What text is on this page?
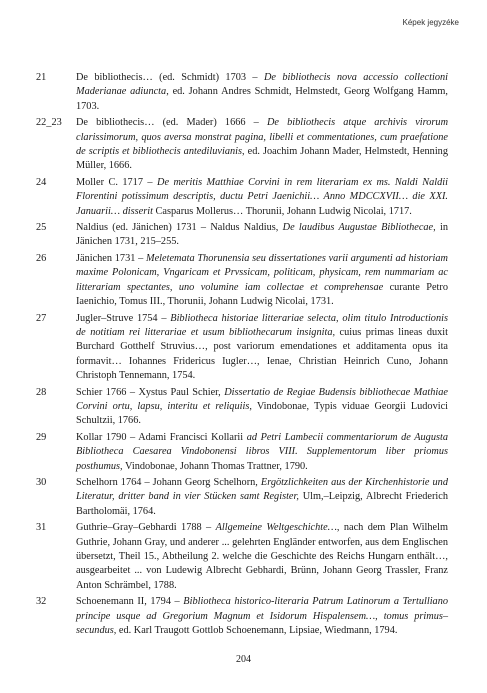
Képek jegyzéke
21	De bibliothecis… (ed. Schmidt) 1703 – De bibliothecis nova accessio collectioni Maderianae adiuncta, ed. Johann Andres Schmidt, Helmstedt, Georg Wolfgang Hamm, 1703.
22_23	De bibliothecis… (ed. Mader) 1666 – De bibliothecis atque archivis virorum clarissimorum, quos aversa monstrat pagina, libelli et commentationes, cum praefatione de scriptis et bibliothecis antediluvianis, ed. Joachim Johann Mader, Helmstedt, Henning Müller, 1666.
24	Moller C. 1717 – De meritis Matthiae Corvini in rem literariam ex ms. Naldi Naldii Florentini potissimum descriptis, ductu Petri Jaenichii… Anno MDCCXVII… die XXI. Januarii… disserit Casparus Mollerus… Thorunii, Johann Ludwig Nicolai, 1717.
25	Naldius (ed. Jänichen) 1731 – Naldus Naldius, De laudibus Augustae Bibliothecae, in Jänichen 1731, 215–255.
26	Jänichen 1731 – Meletemata Thorunensia seu dissertationes varii argumenti ad historiam maxime Polonicam, Vngaricam et Prvssicam, politicam, physicam, rem nummariam ac litterariam spectantes, uno volumine iam collectae et comprehensae curante Petro Iaenichio, Tomus III., Thorunii, Johann Ludwig Nicolai, 1731.
27	Jugler–Struve 1754 – Bibliotheca historiae litterariae selecta, olim titulo Introductionis de notitiam rei litterariae et usum bibliothecarum insignita, cuius primas lineas duxit Burchard Gotthelf Struvius…, post variorum emendationes et additamenta opus ita formavit… Iohannes Fridericus Iugler…, Ienae, Christian Heinrich Cuno, Johann Christoph Tennemann, 1754.
28	Schier 1766 – Xystus Paul Schier, Dissertatio de Regiae Budensis bibliothecae Mathiae Corvini ortu, lapsu, interitu et reliquiis, Vindobonae, Typis viduae Georgii Ludovici Schultzii, 1766.
29	Kollar 1790 – Adami Francisci Kollarii ad Petri Lambecii commentariorum de Augusta Bibliotheca Caesarea Vindobonensi libros VIII. Supplementorum liber priomus posthumus, Vindobonae, Johann Thomas Trattner, 1790.
30	Schelhorn 1764 – Johann Georg Schelhorn, Ergötzlichkeiten aus der Kirchenhistorie und Literatur, dritter band in vier Stücken samt Register, Ulm,–Leipzig, Albrecht Friederich Bartholomäi, 1764.
31	Guthrie–Gray–Gebhardi 1788 – Allgemeine Weltgeschichte…, nach dem Plan Wilhelm Guthrie, Johann Gray, und anderer ... gelehrten Engländer entworfen, aus dem Englischen übersetzt, Theil 15., Abtheilung 2. welche die Geschichte des Reichs Hungarn enthält…, ausgearbeitet ... von Ludewig Albrecht Gebhardi, Brünn, Johann Georg Trassler, Franz Anton Schrämbel, 1788.
32	Schoenemann II, 1794 – Bibliotheca historico-literaria Patrum Latinorum a Tertulliano principe usque ad Gregorium Magnum et Isidorum Hispalensem…, tomus primus–secundus, ed. Karl Traugott Gottlob Schoenemann, Lipsiae, Wiedmann, 1794.
204
